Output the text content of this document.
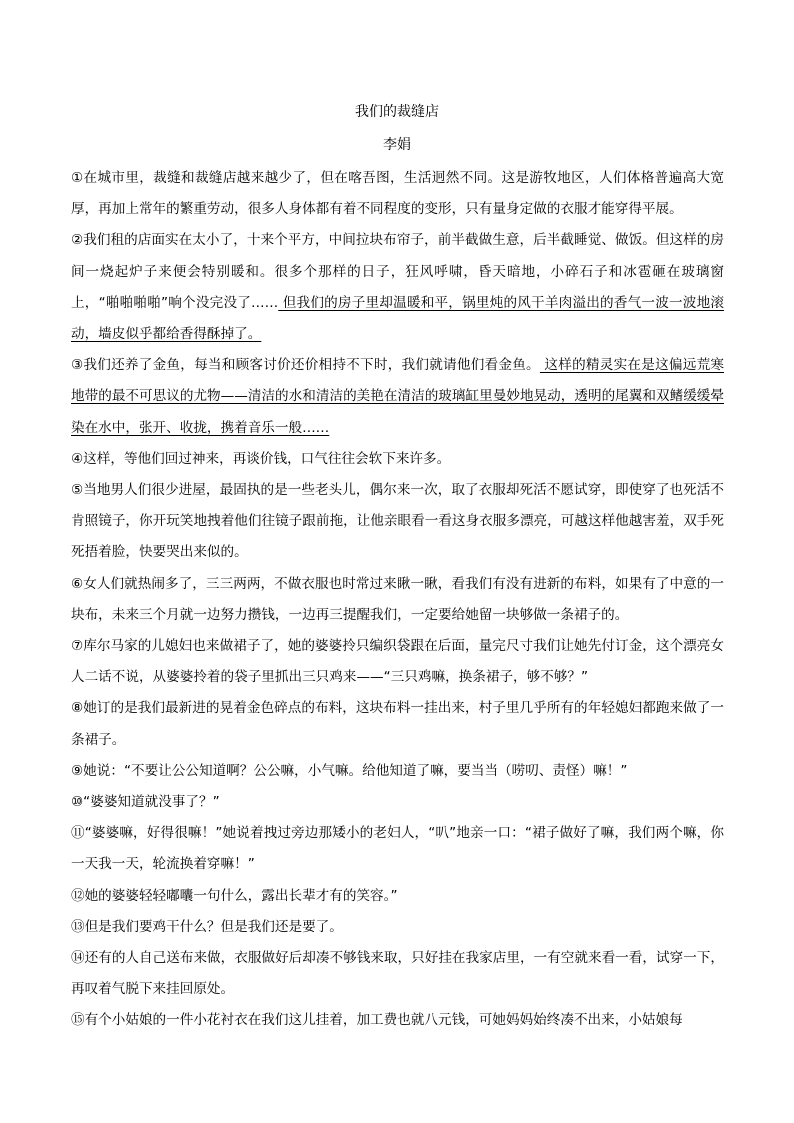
我们的裁缝店
李娟

①在城市里，裁缝和裁缝店越来越少了，但在喀吾图，生活迥然不同。这是游牧地区，人们体格普遍高大宽厚，再加上常年的繁重劳动，很多人身体都有着不同程度的变形，只有量身定做的衣服才能穿得平展。

②我们租的店面实在太小了，十来个平方，中间拉块布帘子，前半截做生意，后半截睡觉、做饭。但这样的房间一烧起炉子来便会特别暖和。很多个那样的日子，狂风呼啸，昏天暗地，小碎石子和冰雹砸在玻璃窗上，“啪啪啪啪”响个没完没了…… 但我们的房子里却温暖和平，锅里炖的风干羊肉溢出的香气一波一波地滚动，墙皮似乎都给香得酥掉了。

③我们还养了金鱼，每当和顾客讨价还价相持不下时，我们就请他们看金鱼。 这样的精灵实在是这偏远荒寒地带的最不可思议的尤物——清洁的水和清洁的美艳在清洁的玻璃缸里曼妙地晃动，透明的尾翼和双鳍缓缓晕染在水中，张开、收拢，携着音乐一般……

④这样，等他们回过神来，再谈价钱，口气往往会软下来许多。

⑤当地男人们很少进屋，最固执的是一些老头儿，偶尔来一次，取了衣服却死活不愿试穿，即使穿了也死活不肯照镜子，你开玩笑地拽着他们往镜子跟前拖，让他亲眼看一看这身衣服多漂亮，可越这样他越害羞，双手死死捂着脸，快要哭出来似的。

⑥女人们就热闹多了，三三两两，不做衣服也时常过来瞅一瞅，看我们有没有进新的布料，如果有了中意的一块布，未来三个月就一边努力攒钱，一边再三提醒我们，一定要给她留一块够做一条裙子的。

⑦库尔马家的儿媳妇也来做裙子了，她的婆婆拎只编织袋跟在后面，量完尺寸我们让她先付订金，这个漂亮女人二话不说，从婆婆拎着的袋子里抓出三只鸡来——“三只鸡嘛，换条裙子，够不够？”

⑧她订的是我们最新进的晃着金色碎点的布料，这块布料一挂出来，村子里几乎所有的年轻媳妇都跑来做了一条裙子。

⑨她说：“不要让公公知道啊？公公嘛，小气嘛。给他知道了嘛，要当当（唠叨、责怪）嘛！”

⑩“婆婆知道就没事了？”

⑪“婆婆嘛，好得很嘛！”她说着拽过旁边那矮小的老妇人，“叭”地亲一口：“裙子做好了嘛，我们两个嘛，你一天我一天，轮流换着穿嘛！”

⑫她的婆婆轻轻嘟囔一句什么，露出长辈才有的笑容。”

⑬但是我们要鸡干什么？但是我们还是要了。

⑭还有的人自己送布来做，衣服做好后却凑不够钱来取，只好挂在我家店里，一有空就来看一看，试穿一下，再叹着气脱下来挂回原处。

⑮有个小姑娘的一件小花衬衣在我们这儿挂着，加工费也就八元钱，可她妈妈始终凑不出来，小姑娘每
